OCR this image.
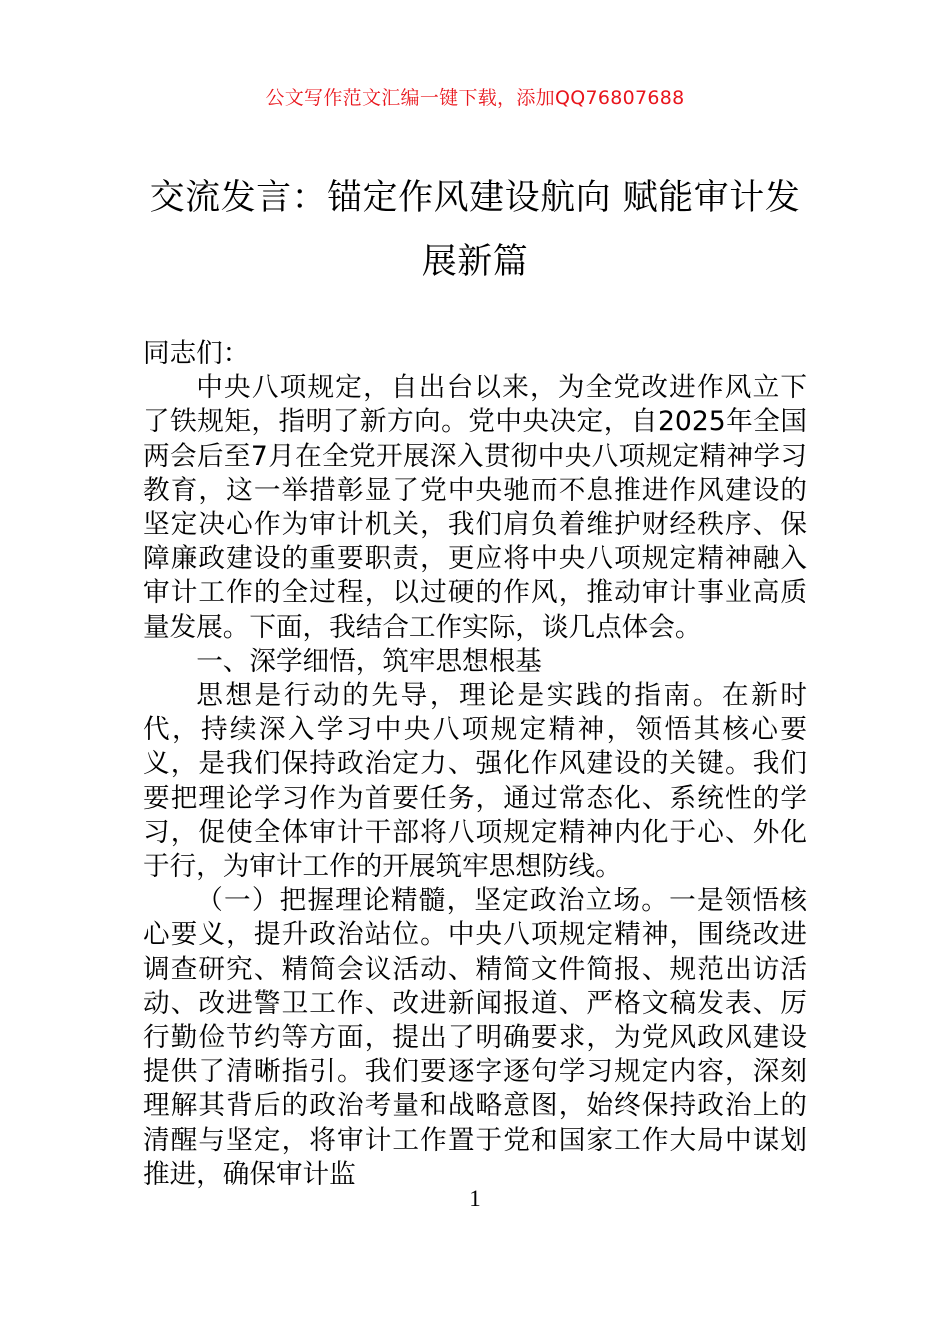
公文写作范文汇编一键下载，添加QQ76807688
交流发言：锚定作风建设航向 赋能审计发展新篇

同志们：

中央八项规定，自出台以来，为全党改进作风立下了铁规矩，指明了新方向。党中央决定，自2025年全国两会后至7月在全党开展深入贯彻中央八项规定精神学习教育，这一举措彰显了党中央驰而不息推进作风建设的坚定决心作为审计机关，我们肩负着维护财经秩序、保障廉政建设的重要职责，更应将中央八项规定精神融入审计工作的全过程，以过硬的作风，推动审计事业高质量发展。下面，我结合工作实际，谈几点体会。

一、深学细悟，筑牢思想根基

思想是行动的先导，理论是实践的指南。在新时代，持续深入学习中央八项规定精神，领悟其核心要义，是我们保持政治定力、强化作风建设的关键。我们要把理论学习作为首要任务，通过常态化、系统性的学习，促使全体审计干部将八项规定精神内化于心、外化于行，为审计工作的开展筑牢思想防线。

（一）把握理论精髓，坚定政治立场。一是领悟核心要义，提升政治站位。中央八项规定精神，围绕改进调查研究、精简会议活动、精简文件简报、规范出访活动、改进警卫工作、改进新闻报道、严格文稿发表、厉行勤俭节约等方面，提出了明确要求，为党风政风建设提供了清晰指引。我们要逐字逐句学习规定内容，深刻理解其背后的政治考量和战略意图，始终保持政治上的清醒与坚定，将审计工作置于党和国家工作大局中谋划推进，确保审计监

1
